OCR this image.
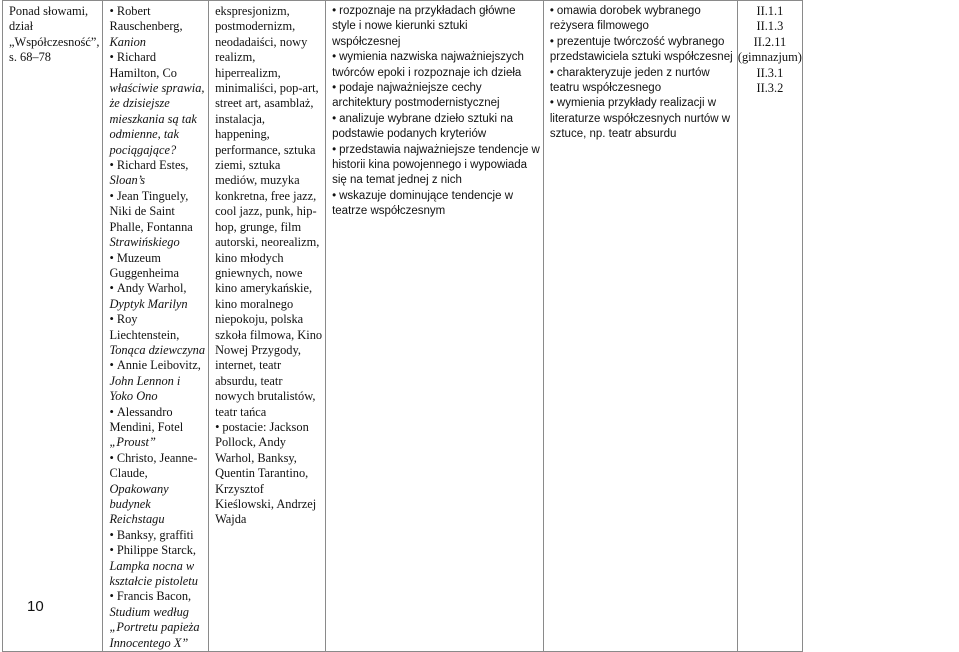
Ponad słowami,
dział
„Współczesność”,
s. 68–78

• Robert
Rauschenberg,
Kanion
• Richard
Hamilton, Co
właściwie sprawia,
że dzisiejsze
mieszkania są tak
odmienne, tak
pociągające?
• Richard Estes,
Sloan’s
• Jean Tinguely,
Niki de Saint
Phalle, Fontanna
Strawińskiego
• Muzeum
Guggenheima
• Andy Warhol,
Dyptyk Marilyn
• Roy
Liechtenstein,
Tonąca dziewczyna
• Annie Leibovitz,
John Lennon i
Yoko Ono
• Alessandro
Mendini, Fotel
„Proust”
• Christo, Jeanne-
Claude,
Opakowany
budynek
Reichstagu
• Banksy, graffiti
• Philippe Starck,
Lampka nocna w
kształcie pistoletu
• Francis Bacon,
Studium według
„Portretu papieża
Innocentego X”

ekspresjonizm,
postmodernizm,
neodadaiści, nowy
realizm,
hiperrealizm,
minimaliści, pop-art,
street art, asamblaż,
instalacja,
happening,
performance, sztuka
ziemi, sztuka
mediów, muzyka
konkretna, free jazz,
cool jazz, punk, hip-
hop, grunge, film
autorski, neorealizm,
kino młodych
gniewnych, nowe
kino amerykańskie,
kino moralnego
niepokoju, polska
szkoła filmowa, Kino
Nowej Przygody,
internet, teatr
absurdu, teatr
nowych brutalistów,
teatr tańca
• postacie: Jackson
Pollock, Andy
Warhol, Banksy,
Quentin Tarantino,
Krzysztof
Kieślowski, Andrzej
Wajda

• rozpoznaje na przykładach główne
style i nowe kierunki sztuki
współczesnej
• wymienia nazwiska najważniejszych
twórców epoki i rozpoznaje ich dzieła
• podaje najważniejsze cechy
architektury postmodernistycznej
• analizuje wybrane dzieło sztuki na
podstawie podanych kryteriów
• przedstawia najważniejsze tendencje w
historii kina powojennego i wypowiada
się na temat jednej z nich
• wskazuje dominujące tendencje w
teatrze współczesnym

• omawia dorobek wybranego
reżysera filmowego
• prezentuje twórczość wybranego
przedstawiciela sztuki współczesnej
• charakteryzuje jeden z nurtów
teatru współczesnego
• wymienia przykłady realizacji w
literaturze współczesnych nurtów w
sztuce, np. teatr absurdu

II.1.1
II.1.3
II.2.11
(gimnazjum)
II.3.1
II.3.2
10
